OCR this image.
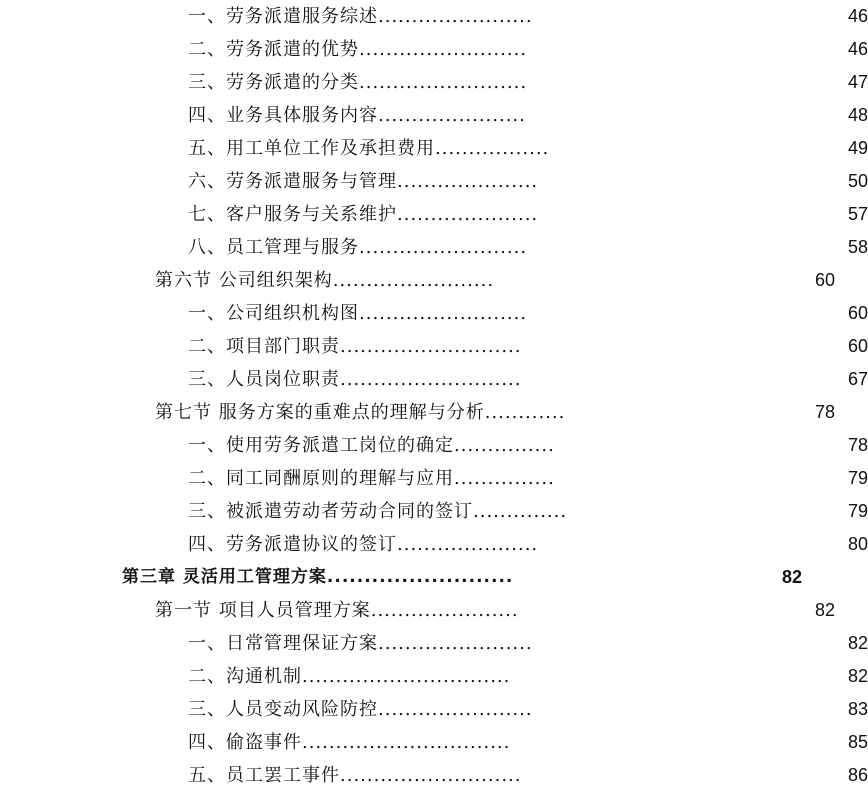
一、劳务派遣服务综述.......................	46
二、劳务派遣的优势.........................	46
三、劳务派遣的分类.........................	47
四、业务具体服务内容......................	48
五、用工单位工作及承担费用.................	49
六、劳务派遣服务与管理.....................	50
七、客户服务与关系维护.....................	57
八、员工管理与服务.........................	58
第六节 公司组织架构........................	60
一、公司组织机构图.........................	60
二、项目部门职责...........................	60
三、人员岗位职责...........................	67
第七节 服务方案的重难点的理解与分析............	78
一、使用劳务派遣工岗位的确定...............	78
二、同工同酬原则的理解与应用...............	79
三、被派遣劳动者劳动合同的签订..............	79
四、劳务派遣协议的签订.....................	80
第三章 灵活用工管理方案.........................	82
第一节 项目人员管理方案......................	82
一、日常管理保证方案.......................	82
二、沟通机制...............................	82
三、人员变动风险防控.......................	83
四、偷盗事件...............................	85
五、员工罢工事件...........................	86
